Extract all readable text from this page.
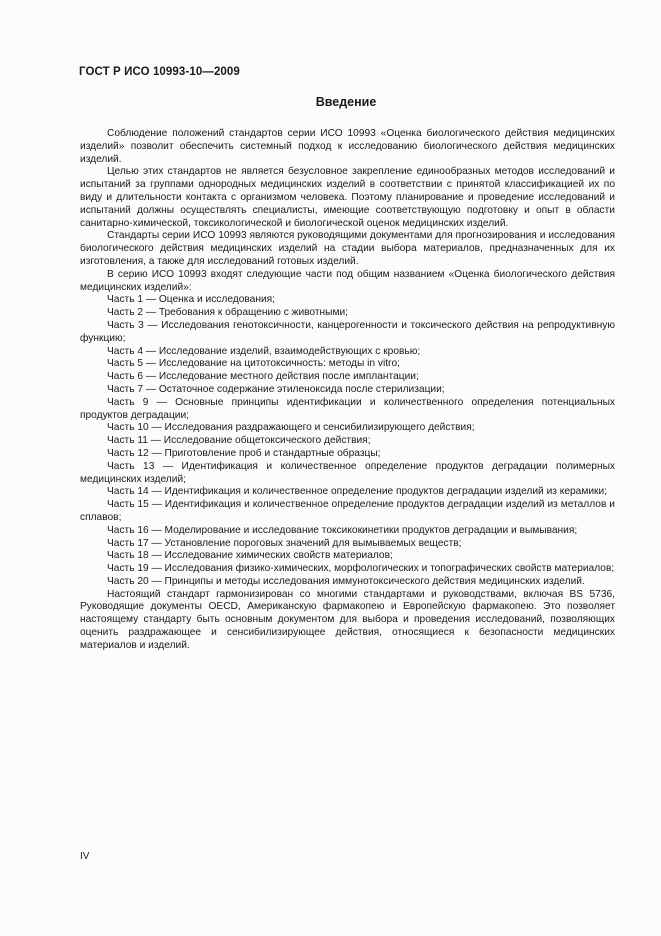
ГОСТ Р ИСО 10993-10—2009
Введение

Соблюдение положений стандартов серии ИСО 10993 «Оценка биологического действия медицинских изделий» позволит обеспечить системный подход к исследованию биологического действия медицинских изделий.

Целью этих стандартов не является безусловное закрепление единообразных методов исследований и испытаний за группами однородных медицинских изделий в соответствии с принятой классификацией их по виду и длительности контакта с организмом человека. Поэтому планирование и проведение исследований и испытаний должны осуществлять специалисты, имеющие соответствующую подготовку и опыт в области санитарно-химической, токсикологической и биологической оценок медицинских изделий.

Стандарты серии ИСО 10993 являются руководящими документами для прогнозирования и исследования биологического действия медицинских изделий на стадии выбора материалов, предназначенных для их изготовления, а также для исследований готовых изделий.

В серию ИСО 10993 входят следующие части под общим названием «Оценка биологического действия медицинских изделий»:

Часть 1 — Оценка и исследования;

Часть 2 — Требования к обращению с животными;

Часть 3 — Исследования генотоксичности, канцерогенности и токсического действия на репродуктивную функцию;

Часть 4 — Исследование изделий, взаимодействующих с кровью;

Часть 5 — Исследование на цитотоксичность: методы in vitro;

Часть 6 — Исследование местного действия после имплантации;

Часть 7 — Остаточное содержание этиленоксида после стерилизации;

Часть 9 — Основные принципы идентификации и количественного определения потенциальных продуктов деградации;

Часть 10 — Исследования раздражающего и сенсибилизирующего действия;

Часть 11 — Исследование общетоксического действия;

Часть 12 — Приготовление проб и стандартные образцы;

Часть 13 — Идентификация и количественное определение продуктов деградации полимерных медицинских изделий;

Часть 14 — Идентификация и количественное определение продуктов деградации изделий из керамики;

Часть 15 — Идентификация и количественное определение продуктов деградации изделий из металлов и сплавов;

Часть 16 — Моделирование и исследование токсикокинетики продуктов деградации и вымывания;

Часть 17 — Установление пороговых значений для вымываемых веществ;

Часть 18 — Исследование химических свойств материалов;

Часть 19 — Исследования физико-химических, морфологических и топографических свойств материалов;

Часть 20 — Принципы и методы исследования иммунотоксического действия медицинских изделий.

Настоящий стандарт гармонизирован со многими стандартами и руководствами, включая BS 5736, Руководящие документы OECD, Американскую фармакопею и Европейскую фармакопею. Это позволяет настоящему стандарту быть основным документом для выбора и проведения исследований, позволяющих оценить раздражающее и сенсибилизирующее действия, относящиеся к безопасности медицинских материалов и изделий.

IV
